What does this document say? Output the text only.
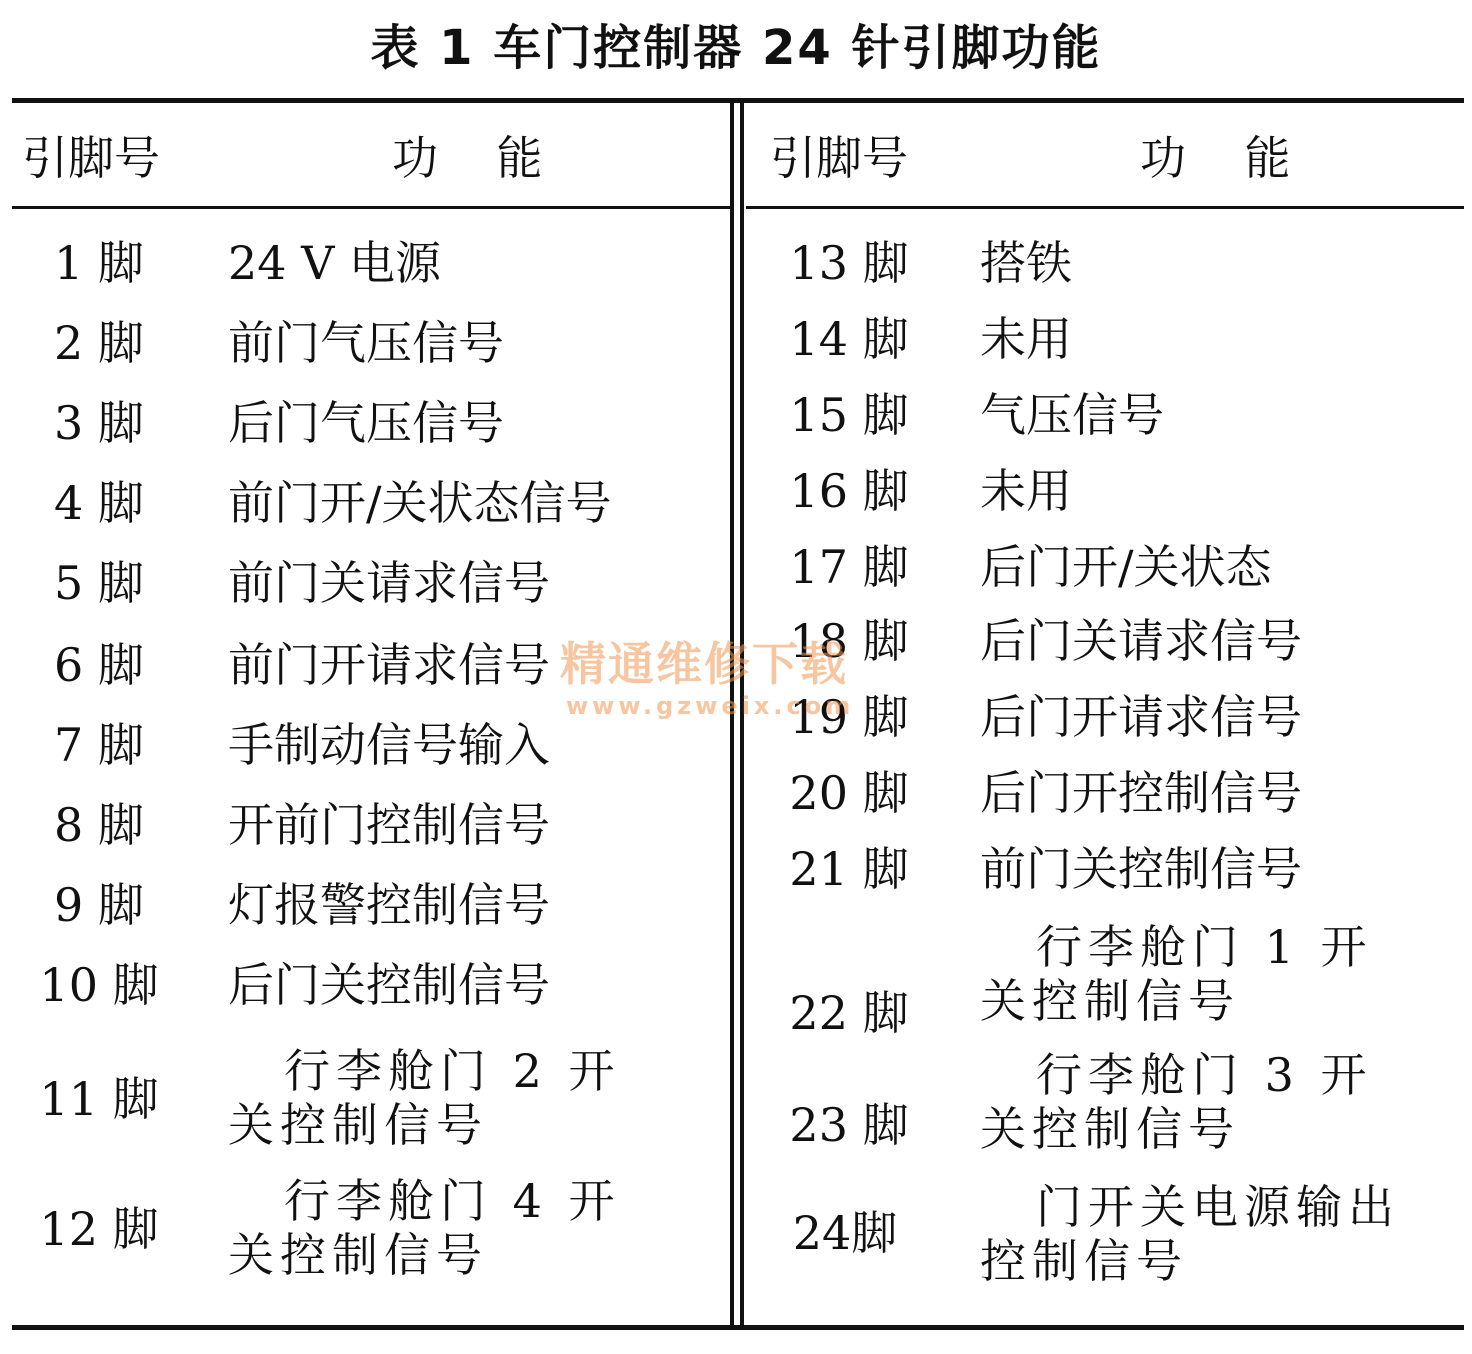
表 1 车门控制器 24 针引脚功能
引脚号	功    能	引脚号	功    能
1 脚	24 V 电源
2 脚	前门气压信号
3 脚	后门气压信号
4 脚	前门开/关状态信号
5 脚	前门关请求信号
6 脚	前门开请求信号
7 脚	手制动信号输入
8 脚	开前门控制信号
9 脚	灯报警控制信号
10 脚	后门关控制信号
11 脚
行李舱门 2 开关控制信号
12 脚
行李舱门 4 开关控制信号
13 脚	搭铁
14 脚	未用
15 脚	气压信号
16 脚	未用
17 脚	后门开/关状态
18 脚	后门关请求信号
19 脚	后门开请求信号
20 脚	后门开控制信号
21 脚	前门关控制信号
22 脚
行李舱门 1 开关控制信号
23 脚
行李舱门 3 开关控制信号
24脚	门开关电源输出控制信号
精通维修下载
www.gzweix.com
